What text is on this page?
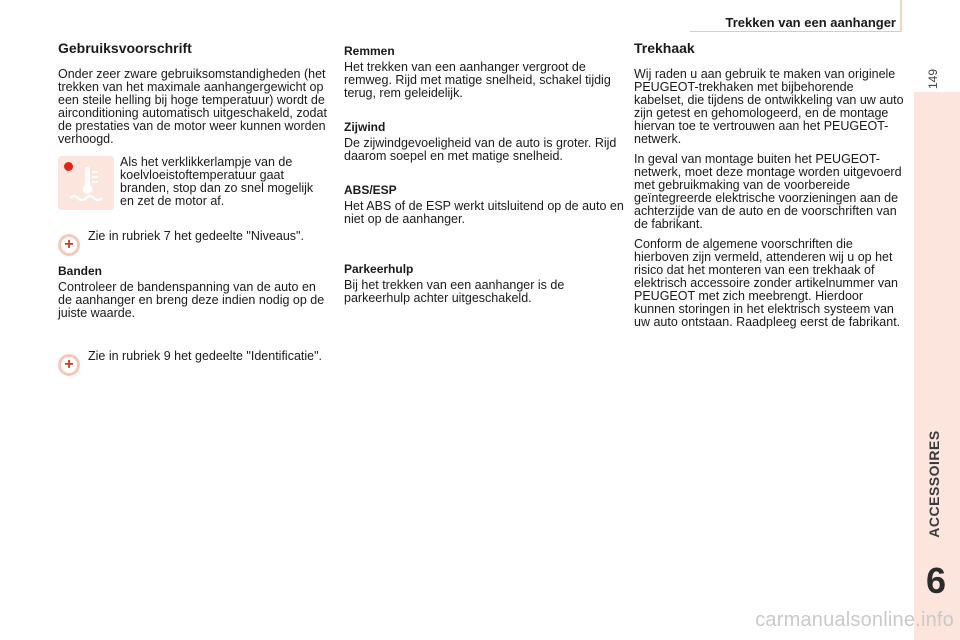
Trekken van een aanhanger
149
ACCESSOIRES
6
Gebruiksvoorschrift

Onder zeer zware gebruiksomstandigheden (het trekken van het maximale aanhangergewicht op een steile helling bij hoge temperatuur) wordt de airconditioning automatisch uitgeschakeld, zodat de prestaties van de motor weer kunnen worden verhoogd.

Als het verklikkerlampje van de koelvloeistoftemperatuur gaat branden, stop dan zo snel mogelijk en zet de motor af.

+ Zie in rubriek 7 het gedeelte "Niveaus".

Banden

Controleer de bandenspanning van de auto en de aanhanger en breng deze indien nodig op de juiste waarde.

+ Zie in rubriek 9 het gedeelte "Identificatie".

Remmen

Het trekken van een aanhanger vergroot de remweg. Rijd met matige snelheid, schakel tijdig terug, rem geleidelijk.

Zijwind

De zijwindgevoeligheid van de auto is groter. Rijd daarom soepel en met matige snelheid.

ABS/ESP

Het ABS of de ESP werkt uitsluitend op de auto en niet op de aanhanger.

Parkeerhulp

Bij het trekken van een aanhanger is de parkeerhulp achter uitgeschakeld.

Trekhaak

Wij raden u aan gebruik te maken van originele PEUGEOT-trekhaken met bijbehorende kabelset, die tijdens de ontwikkeling van uw auto zijn getest en gehomologeerd, en de montage hiervan toe te vertrouwen aan het PEUGEOT-netwerk.

In geval van montage buiten het PEUGEOT-netwerk, moet deze montage worden uitgevoerd met gebruikmaking van de voorbereide geïntegreerde elektrische voorzieningen aan de achterzijde van de auto en de voorschriften van de fabrikant.

Conform de algemene voorschriften die hierboven zijn vermeld, attenderen wij u op het risico dat het monteren van een trekhaak of elektrisch accessoire zonder artikelnummer van PEUGEOT met zich meebrengt. Hierdoor kunnen storingen in het elektrisch systeem van uw auto ontstaan. Raadpleeg eerst de fabrikant.

carmanualsonline.info
